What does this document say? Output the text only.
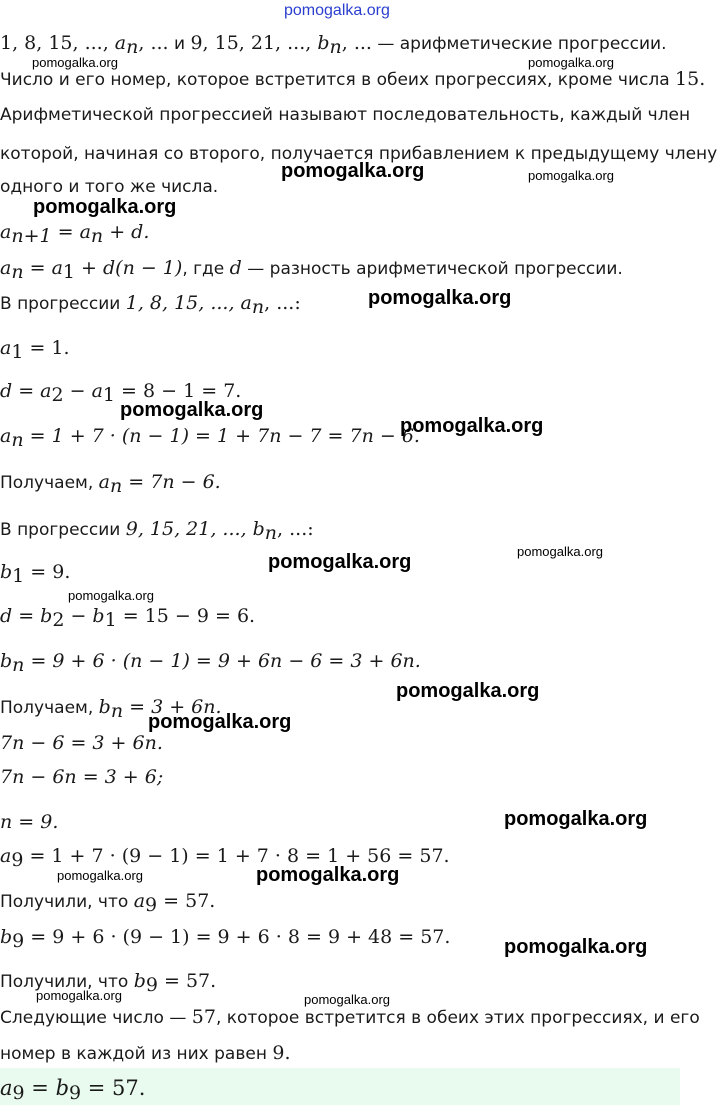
pomogalka.org
1, 8, 15, ..., $a_n$, ... и 9, 15, 21, ..., $b_n$, ... — арифметические прогрессии.
Число и его номер, которое встретится в обеих прогрессиях, кроме числа 15.
Арифметической прогрессией называют последовательность, каждый член
которой, начиная со второго, получается прибавлением к предыдущему члену
одного и того же числа.
$a_{n+1} = a_n + d$.
$a_n = a_1 + d(n - 1)$, где d — разность арифметической прогрессии.
В прогрессии 1, 8, 15, ..., $a_n$, ...:
$a_1 = 1$.
$d = a_2 - a_1 = 8 - 1 = 7$.
$a_n = 1 + 7 \cdot (n - 1) = 1 + 7n - 7 = 7n - 6$.
Получаем, $a_n = 7n - 6$.
В прогрессии 9, 15, 21, ..., $b_n$, ...:
$b_1 = 9$.
$d = b_2 - b_1 = 15 - 9 = 6$.
$b_n = 9 + 6 \cdot (n - 1) = 9 + 6n - 6 = 3 + 6n$.
Получаем, $b_n = 3 + 6n$.
7n − 6 = 3 + 6n.
7n − 6n = 3 + 6;
n = 9.
$a_9 = 1 + 7 \cdot (9 - 1) = 1 + 7 \cdot 8 = 1 + 56 = 57$.
Получили, что $a_9 = 57$.
$b_9 = 9 + 6 \cdot (9 - 1) = 9 + 6 \cdot 8 = 9 + 48 = 57$.
Получили, что $b_9 = 57$.
Следующие число — 57, которое встретится в обеих этих прогрессиях, и его
номер в каждой из них равен 9.
$a_9 = b_9 = 57$.
pomogalka.org	pomogalka.org
pomogalka.org	pomogalka.org
pomogalka.org
pomogalka.org
pomogalka.org
pomogalka.org
pomogalka.org
pomogalka.org
pomogalka.org
pomogalka.org
pomogalka.org
pomogalka.org
pomogalka.org	pomogalka.org
pomogalka.org
pomogalka.org	pomogalka.org
